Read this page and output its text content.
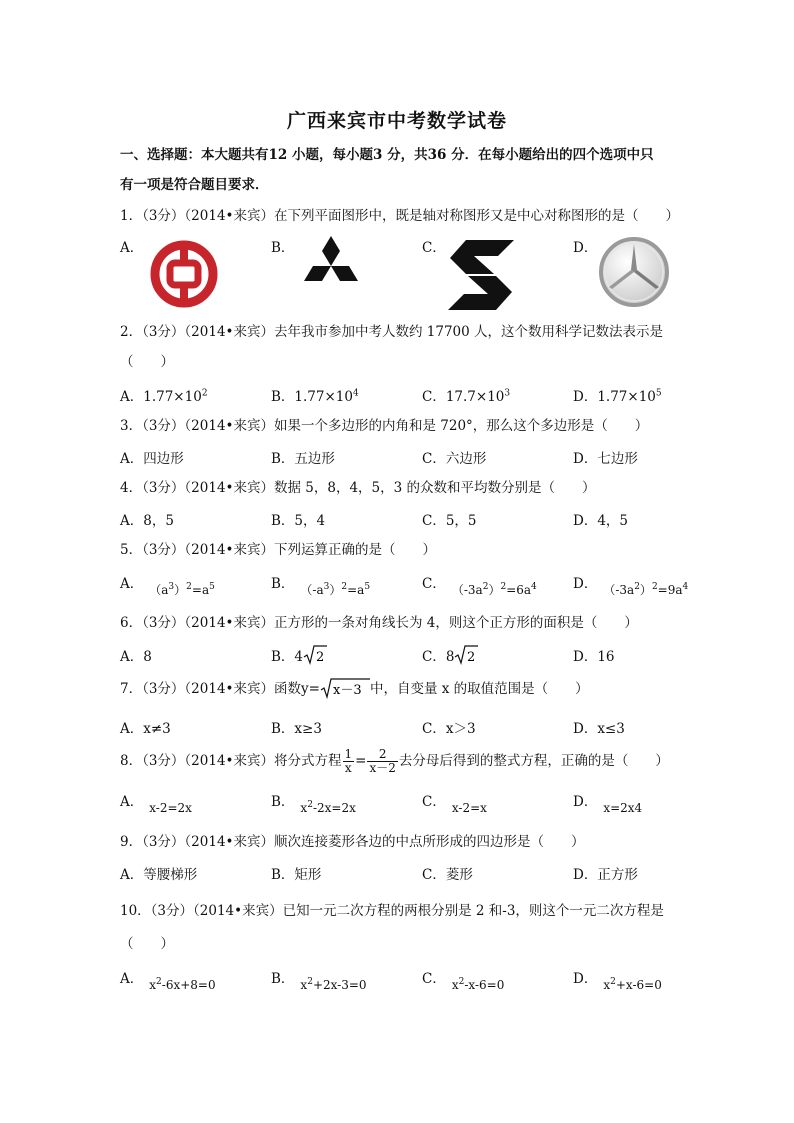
广西来宾市中考数学试卷
一、选择题：本大题共有12 小题，每小题3 分，共36 分．在每小题给出的四个选项中只
有一项是符合题目要求．
1．（3分）（2014•来宾）在下列平面图形中，既是轴对称图形又是中心对称图形的是（　　）
A．	B．	C．	D．
2．（3分）（2014•来宾）去年我市参加中考人数约 17700 人，这个数用科学记数法表示是
（　　）
A．$1.77\times 10^2$	B．$1.77\times 10^4$	C．$17.7\times 10^3$	D．$1.77\times 10^5$
3．（3分）（2014•来宾）如果一个多边形的内角和是 720°，那么这个多边形是（　　）
A．四边形	B．五边形	C．六边形	D．七边形
4．（3分）（2014•来宾）数据 5，8，4，5，3 的众数和平均数分别是（　　）
A．8，5	B．5，4	C．5，5	D．4，5
5．（3分）（2014•来宾）下列运算正确的是（　　）
A． $(a^3)^2=a^5$	B． $(-a^3)^2=a^5$	C． $(-3a^2)^2=6a^4$	D． $(-3a^2)^2=9a^4$
6．（3分）（2014•来宾）正方形的一条对角线长为 4，则这个正方形的面积是（　　）
A．8	B．4 2	C．8 2	D．16
7．（3分）（2014•来宾）函数y= x－3 中，自变量 x 的取值范围是（　　）
A．x≠3	B．x≥3	C．x＞3	D．x≤3
8．（3分）（2014•来宾）将分式方程 $\frac{1}{x} = \frac{2}{x-2}$ 去分母后得到的整式方程，正确的是（　　）
A． x-2=2x	B． $x^2-2x=2x$	C． x-2=x	D． x=2x4
9．（3分）（2014•来宾）顺次连接菱形各边的中点所形成的四边形是（　　）
A．等腰梯形	B．矩形	C．菱形	D．正方形
10．（3分）（2014•来宾）已知一元二次方程的两根分别是 2 和-3，则这个一元二次方程是
（　　）
A． $x^2-6x+8=0$	B． $x^2+2x-3=0$	C． $x^2-x-6=0$	D． $x^2+x-6=0$
